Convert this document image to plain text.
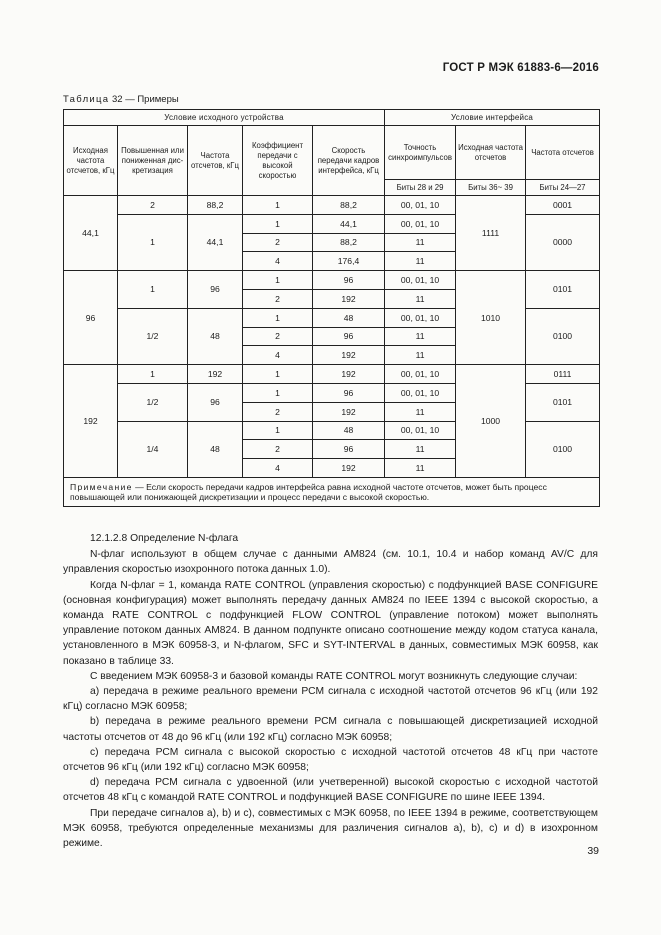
ГОСТ Р МЭК 61883-6—2016
Таблица 32 — Примеры
Условие исходного устройства					Условие интерфейса		
Исходная частота отсчетов, кГц	Повышенная или пониженная дискретизация	Частота отсчетов, кГц	Коэффициент передачи с высокой скоростью	Скорость передачи кадров интерфейса, кГц	Точность синхроимпульсов	Исходная частота отсчетов	Частота отсчетов
					Биты 28 и 29	Биты 36~ 39	Биты 24—27
44,1	2	88,2	1	88,2	00, 01, 10	1111	0001
	1	44,1	1	44,1	00, 01, 10		0000
			2	88,2	11		
			4	176,4	11		
96	1	96	1	96	00, 01, 10	1010	0101
			2	192	11		
	1/2	48	1	48	00, 01, 10		0100
			2	96	11		
			4	192	11		
192	1	192	1	192	00, 01, 10	1000	0111
	1/2	96	1	96	00, 01, 10		0101
			2	192	11		
	1/4	48	1	48	00, 01, 10		0100
			2	96	11		
			4	192	11		
Примечание — Если скорость передачи кадров интерфейса равна исходной частоте отсчетов, может быть процесс повышающей или понижающей дискретизации и процесс передачи с высокой скоростью.							

12.1.2.8 Определение N-флага

N-флаг используют в общем случае с данными АМ824 (см. 10.1, 10.4 и набор команд AV/C для управления скоростью изохронного потока данных 1.0).

Когда N-флаг = 1, команда RATE CONTROL (управления скоростью) с подфункцией BASE CONFIGURE (основная конфигурация) может выполнять передачу данных АМ824 по IEEE 1394 с высокой скоростью, а команда RATE CONTROL с подфункцией FLOW CONTROL (управление потоком) может выполнять управление потоком данных АМ824. В данном подпункте описано соотношение между кодом статуса канала, установленного в МЭК 60958-3, и N-флагом, SFC и SYT-INTERVAL в данных, совместимых МЭК 60958, как показано в таблице 33.

С введением МЭК 60958-3 и базовой команды RATE CONTROL могут возникнуть следующие случаи:

а) передача в режиме реального времени РСМ сигнала с исходной частотой отсчетов 96 кГц (или 192 кГц) согласно МЭК 60958;

b) передача в режиме реального времени РСМ сигнала с повышающей дискретизацией исходной частоты отсчетов от 48 до 96 кГц (или 192 кГц) согласно МЭК 60958;

c) передача РСМ сигнала с высокой скоростью с исходной частотой отсчетов 48 кГц при частоте отсчетов 96 кГц (или 192 кГц) согласно МЭК 60958;

d) передача РСМ сигнала с удвоенной (или учетверенной) высокой скоростью с исходной частотой отсчетов 48 кГц с командой RATE CONTROL и подфункцией BASE CONFIGURE по шине IEEE 1394.

При передаче сигналов а), b) и с), совместимых с МЭК 60958, по IEEE 1394 в режиме, соответствующем МЭК 60958, требуются определенные механизмы для различения сигналов а), b), с) и d) в изохронном режиме.

39
